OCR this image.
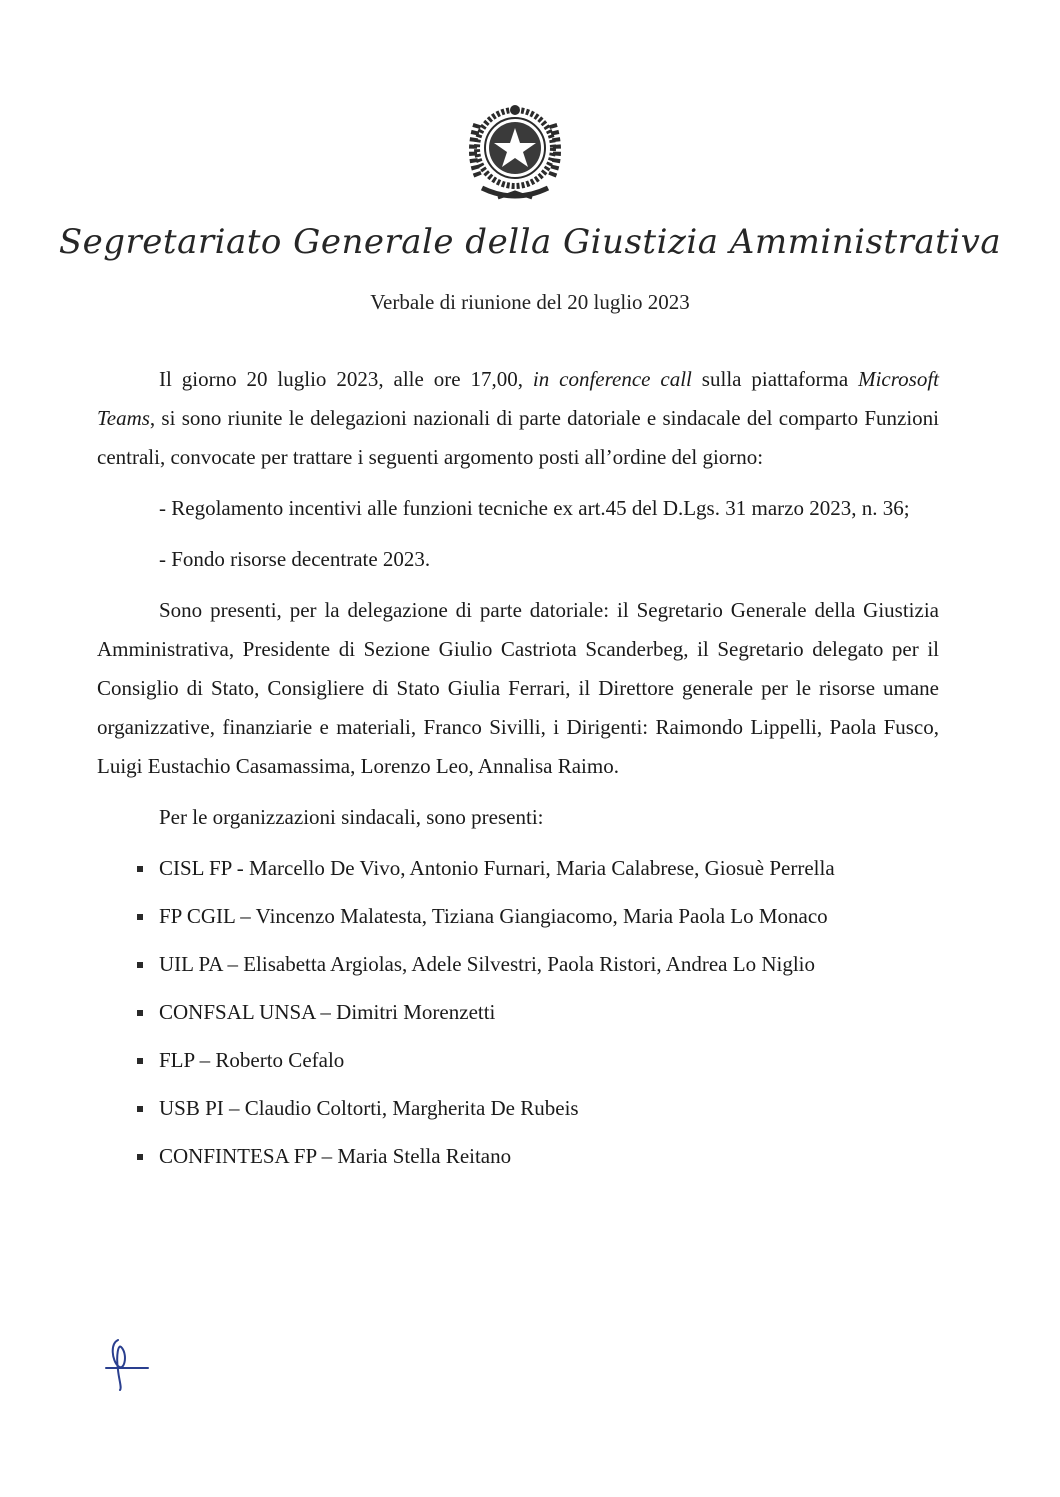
Segretariato Generale della Giustizia Amministrativa
Verbale di riunione del 20 luglio 2023

Il giorno 20 luglio 2023, alle ore 17,00, in conference call sulla piattaforma Microsoft Teams, si sono riunite le delegazioni nazionali di parte datoriale e sindacale del comparto Funzioni centrali, convocate per trattare i seguenti argomento posti all’ordine del giorno:

- Regolamento incentivi alle funzioni tecniche ex art.45 del D.Lgs. 31 marzo 2023, n. 36;

- Fondo risorse decentrate 2023.

Sono presenti, per la delegazione di parte datoriale: il Segretario Generale della Giustizia Amministrativa, Presidente di Sezione Giulio Castriota Scanderbeg, il Segretario delegato per il Consiglio di Stato, Consigliere di Stato Giulia Ferrari, il Direttore generale per le risorse umane organizzative, finanziarie e materiali, Franco Sivilli, i Dirigenti: Raimondo Lippelli, Paola Fusco, Luigi Eustachio Casamassima, Lorenzo Leo, Annalisa Raimo.

Per le organizzazioni sindacali, sono presenti:

CISL FP - Marcello De Vivo, Antonio Furnari, Maria Calabrese, Giosuè Perrella
FP CGIL – Vincenzo Malatesta, Tiziana Giangiacomo, Maria Paola Lo Monaco
UIL PA – Elisabetta Argiolas, Adele Silvestri, Paola Ristori, Andrea Lo Niglio
CONFSAL UNSA – Dimitri Morenzetti
FLP – Roberto Cefalo
USB PI – Claudio Coltorti, Margherita De Rubeis
CONFINTESA FP – Maria Stella Reitano
